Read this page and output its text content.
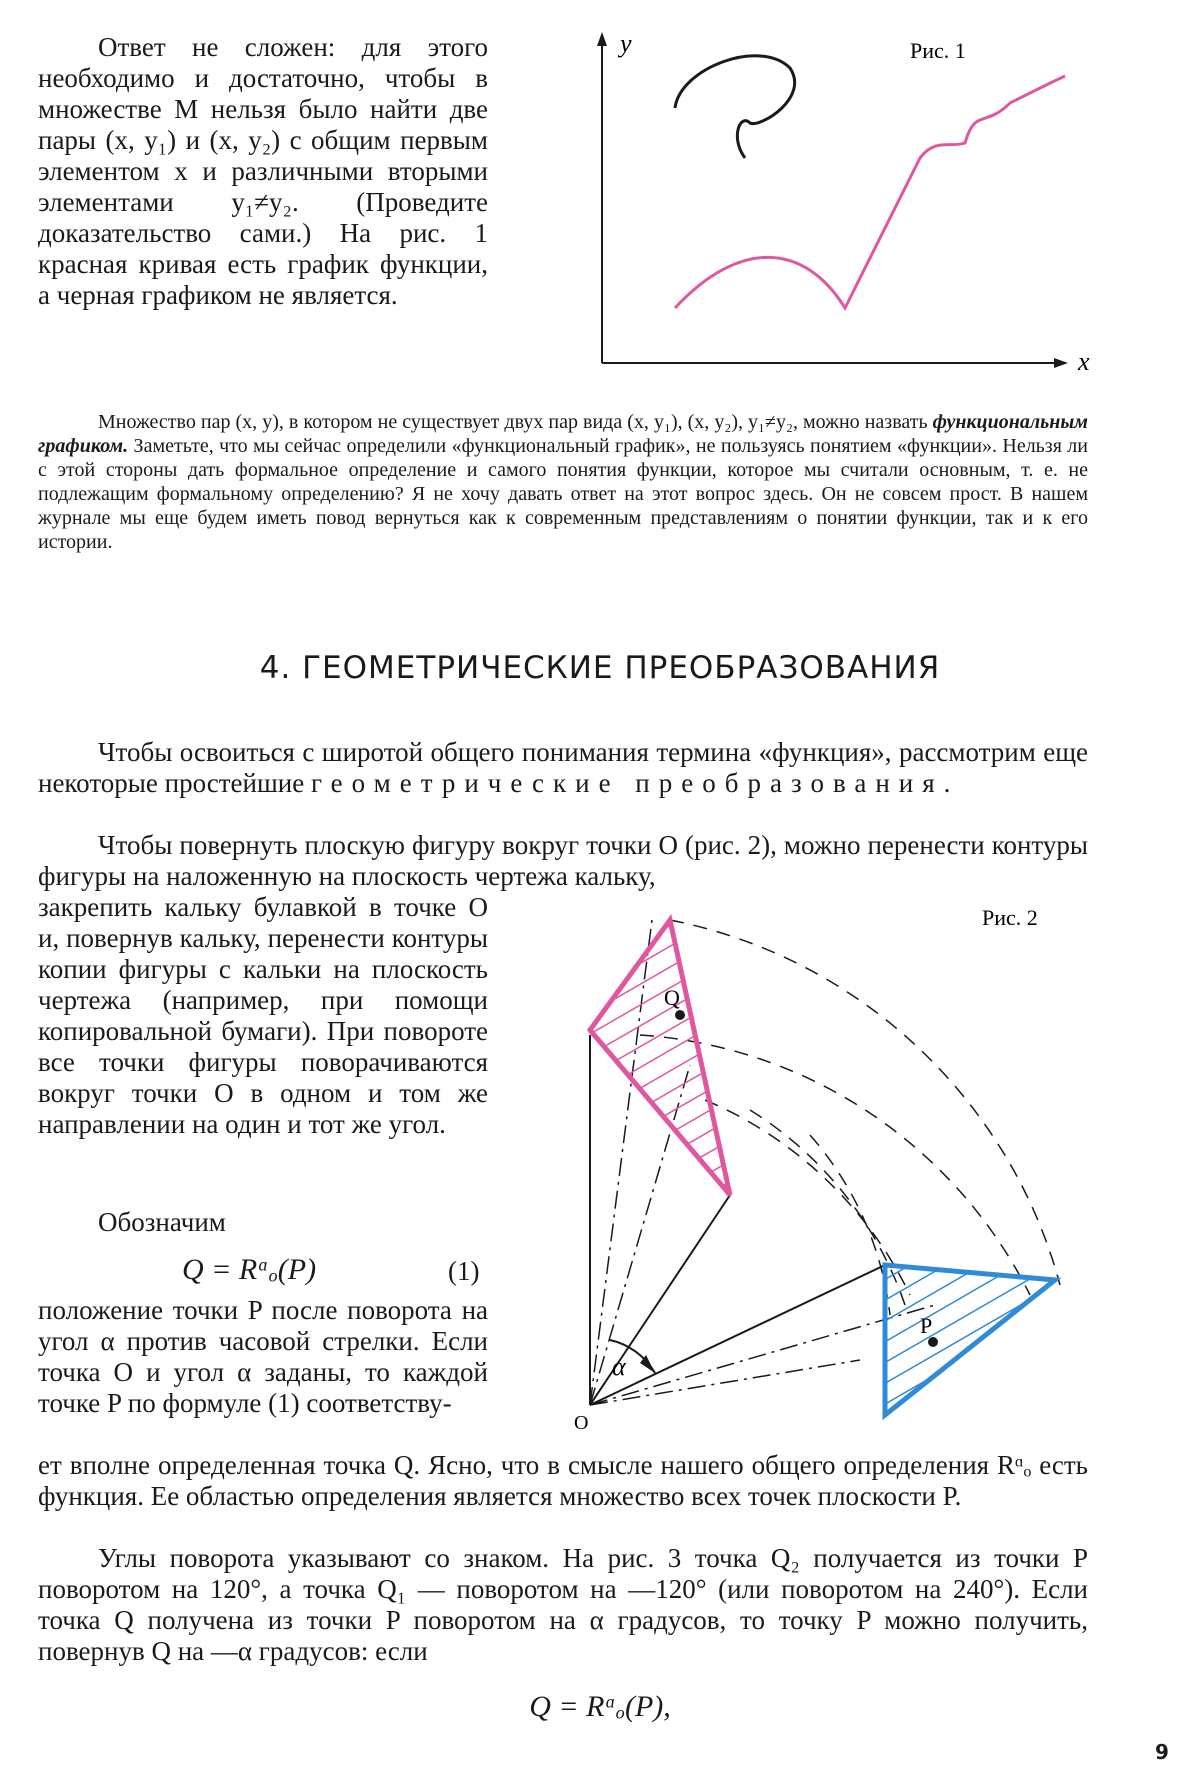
Ответ не сложен: для этого необходимо и достаточно, чтобы в множестве M нельзя было найти две пары (x, y₁) и (x, y₂) с общим первым элементом x и различными вторыми элементами y₁≠y₂. (Проведите доказательство сами.) На рис. 1 красная кривая есть график функции, а черная графиком не является.

y
x
Рис. 1

Множество пар (x, y), в котором не существует двух пар вида (x, y₁), (x, y₂), y₁≠y₂, можно назвать функциональным графиком. Заметьте, что мы сейчас определили «функциональный график», не пользуясь понятием «функции». Нельзя ли с этой стороны дать формальное определение и самого понятия функции, которое мы считали основным, т. е. не подлежащим формальному определению? Я не хочу давать ответ на этот вопрос здесь. Он не совсем прост. В нашем журнале мы еще будем иметь повод вернуться как к современным представлениям о понятии функции, так и к его истории.

4. ГЕОМЕТРИЧЕСКИЕ ПРЕОБРАЗОВАНИЯ

Чтобы освоиться с широтой общего понимания термина «функция», рассмотрим еще некоторые простейшие геометрические преобразования.

Чтобы повернуть плоскую фигуру вокруг точки O (рис. 2), можно перенести контуры фигуры на наложенную на плоскость чертежа кальку,

закрепить кальку булавкой в точке O и, повернув кальку, перенести контуры копии фигуры с кальки на плоскость чертежа (например, при помощи копировальной бумаги). При повороте все точки фигуры поворачиваются вокруг точки O в одном и том же направлении на один и тот же угол.

Обозначим
Q = Rᵅₒ(P)	(1)

положение точки P после поворота на угол α против часовой стрелки. Если точка O и угол α заданы, то каждой точке P по формуле (1) соответству-

Q
P
O
α
Рис. 2

ет вполне определенная точка Q. Ясно, что в смысле нашего общего определения Rᵅₒ есть функция. Ее областью определения является множество всех точек плоскости P.

Углы поворота указывают со знаком. На рис. 3 точка Q₂ получается из точки P поворотом на 120°, а точка Q₁ — поворотом на —120° (или поворотом на 240°). Если точка Q получена из точки P поворотом на α градусов, то точку P можно получить, повернув Q на —α градусов: если

Q = Rᵅₒ(P),
9
